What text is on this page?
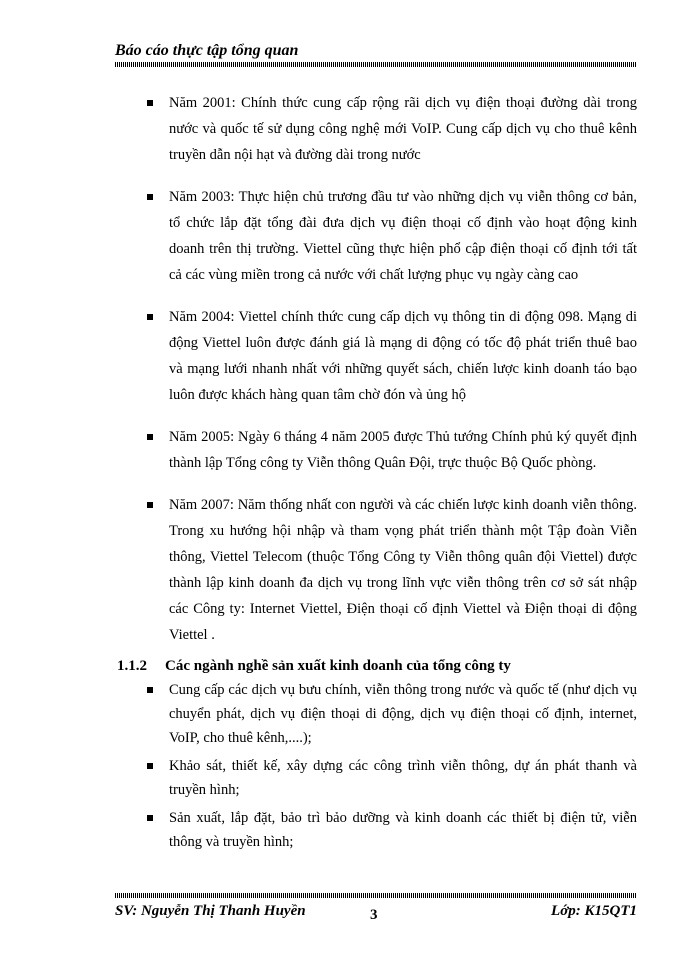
Báo cáo thực tập tổng quan
Năm 2001: Chính thức cung cấp rộng rãi dịch vụ điện thoại đường dài trong nước và quốc tế sử dụng công nghệ mới VoIP. Cung cấp dịch vụ cho thuê kênh truyền dẫn nội hạt và đường dài trong nước
Năm 2003: Thực hiện chủ trương đầu tư vào những dịch vụ viễn thông cơ bản, tổ chức lắp đặt tổng đài đưa dịch vụ điện thoại cố định vào hoạt động kinh doanh trên thị trường. Viettel cũng thực hiện phổ cập điện thoại cố định tới tất cả các vùng miền trong cả nước với chất lượng phục vụ ngày càng cao
Năm 2004: Viettel chính thức cung cấp dịch vụ thông tin di động 098. Mạng di động Viettel luôn được đánh giá là mạng di động có tốc độ phát triển thuê bao và mạng lưới nhanh nhất với những quyết sách, chiến lược kinh doanh táo bạo luôn được khách hàng quan tâm chờ đón và ủng hộ
Năm 2005: Ngày 6 tháng 4 năm 2005 được Thủ tướng Chính phủ ký quyết định thành lập Tổng công ty Viễn thông Quân Đội, trực thuộc Bộ Quốc phòng.
Năm 2007: Năm thống nhất con người và các chiến lược kinh doanh viễn thông. Trong xu hướng hội nhập và tham vọng phát triển thành một Tập đoàn Viễn thông, Viettel Telecom (thuộc Tổng Công ty Viễn thông quân đội Viettel) được thành lập kinh doanh đa dịch vụ trong lĩnh vực viễn thông trên cơ sở sát nhập các Công ty: Internet Viettel, Điện thoại cố định Viettel và Điện thoại di động Viettel .
1.1.2 Các ngành nghề sản xuất kinh doanh của tổng công ty
Cung cấp các dịch vụ bưu chính, viễn thông trong nước và quốc tế (như dịch vụ chuyển phát, dịch vụ điện thoại di động, dịch vụ điện thoại cố định, internet, VoIP, cho thuê kênh,....);
Khảo sát, thiết kế, xây dựng các công trình viễn thông, dự án phát thanh và truyền hình;
Sản xuất, lắp đặt, bảo trì bảo dưỡng và kinh doanh các thiết bị điện tử, viễn thông và truyền hình;
SV: Nguyễn Thị Thanh Huyền	3	Lớp: K15QT1
